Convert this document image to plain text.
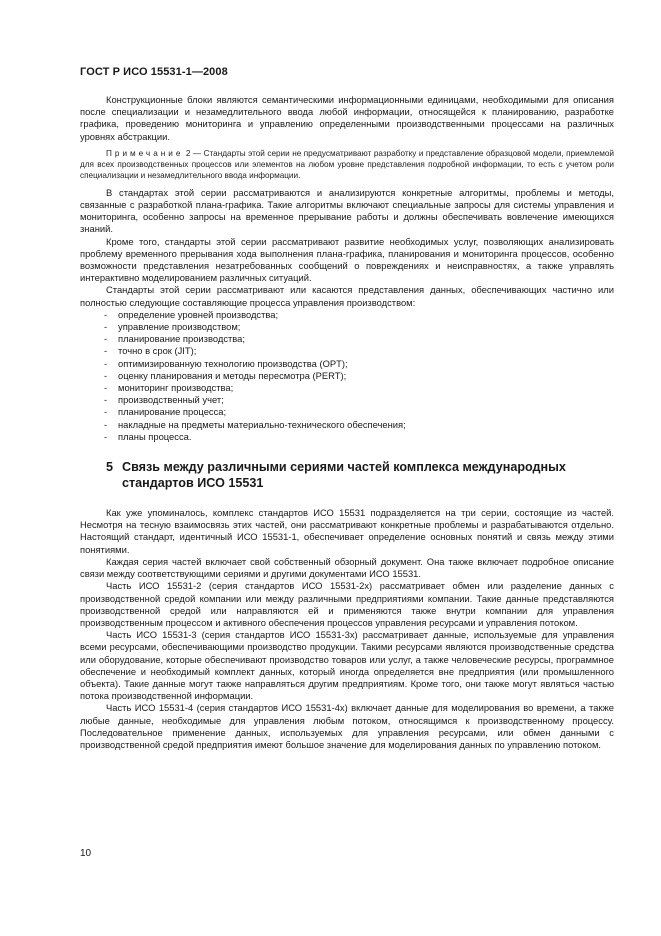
ГОСТ Р ИСО 15531-1—2008

Конструкционные блоки являются семантическими информационными единицами, необходимыми для описания после специализации и незамедлительного ввода любой информации, относящейся к планированию, разработке графика, проведению мониторинга и управлению определенными производственными процессами на различных уровнях абстракции.

Примечание 2 — Стандарты этой серии не предусматривают разработку и представление образцовой модели, приемлемой для всех производственных процессов или элементов на любом уровне представления подробной информации, то есть с учетом роли специализации и незамедлительного ввода информации.

В стандартах этой серии рассматриваются и анализируются конкретные алгоритмы, проблемы и методы, связанные с разработкой плана-графика. Такие алгоритмы включают специальные запросы для системы управления и мониторинга, особенно запросы на временное прерывание работы и должны обеспечивать вовлечение имеющихся знаний.

Кроме того, стандарты этой серии рассматривают развитие необходимых услуг, позволяющих анализировать проблему временного прерывания хода выполнения плана-графика, планирования и мониторинга процессов, особенно возможности представления незатребованных сообщений о повреждениях и неисправностях, а также управлять интерактивно моделированием различных ситуаций.

Стандарты этой серии рассматривают или касаются представления данных, обеспечивающих частично или полностью следующие составляющие процесса управления производством:

- определение уровней производства;
- управление производством;
- планирование производства;
- точно в срок (JIT);
- оптимизированную технологию производства (OPT);
- оценку планирования и методы пересмотра (PERT);
- мониторинг производства;
- производственный учет;
- планирование процесса;
- накладные на предметы материально-технического обеспечения;
- планы процесса.
5 Связь между различными сериями частей комплекса международных стандартов ИСО 15531

Как уже упоминалось, комплекс стандартов ИСО 15531 подразделяется на три серии, состоящие из частей. Несмотря на тесную взаимосвязь этих частей, они рассматривают конкретные проблемы и разрабатываются отдельно. Настоящий стандарт, идентичный ИСО 15531-1, обеспечивает определение основных понятий и связь между этими понятиями.

Каждая серия частей включает свой собственный обзорный документ. Она также включает подробное описание связи между соответствующими сериями и другими документами ИСО 15531.

Часть ИСО 15531-2 (серия стандартов ИСО 15531-2х) рассматривает обмен или разделение данных с производственной средой компании или между различными предприятиями компании. Такие данные представляются производственной средой или направляются ей и применяются также внутри компании для управления производственным процессом и активного обеспечения процессов управления ресурсами и управления потоком.

Часть ИСО 15531-3 (серия стандартов ИСО 15531-3х) рассматривает данные, используемые для управления всеми ресурсами, обеспечивающими производство продукции. Такими ресурсами являются производственные средства или оборудование, которые обеспечивают производство товаров или услуг, а также человеческие ресурсы, программное обеспечение и необходимый комплект данных, который иногда определяется вне предприятия (или промышленного объекта). Такие данные могут также направляться другим предприятиям. Кроме того, они также могут являться частью потока производственной информации.

Часть ИСО 15531-4 (серия стандартов ИСО 15531-4х) включает данные для моделирования во времени, а также любые данные, необходимые для управления любым потоком, относящимся к производственному процессу. Последовательное применение данных, используемых для управления ресурсами, или обмен данными с производственной средой предприятия имеют большое значение для моделирования данных по управлению потоком.

10
